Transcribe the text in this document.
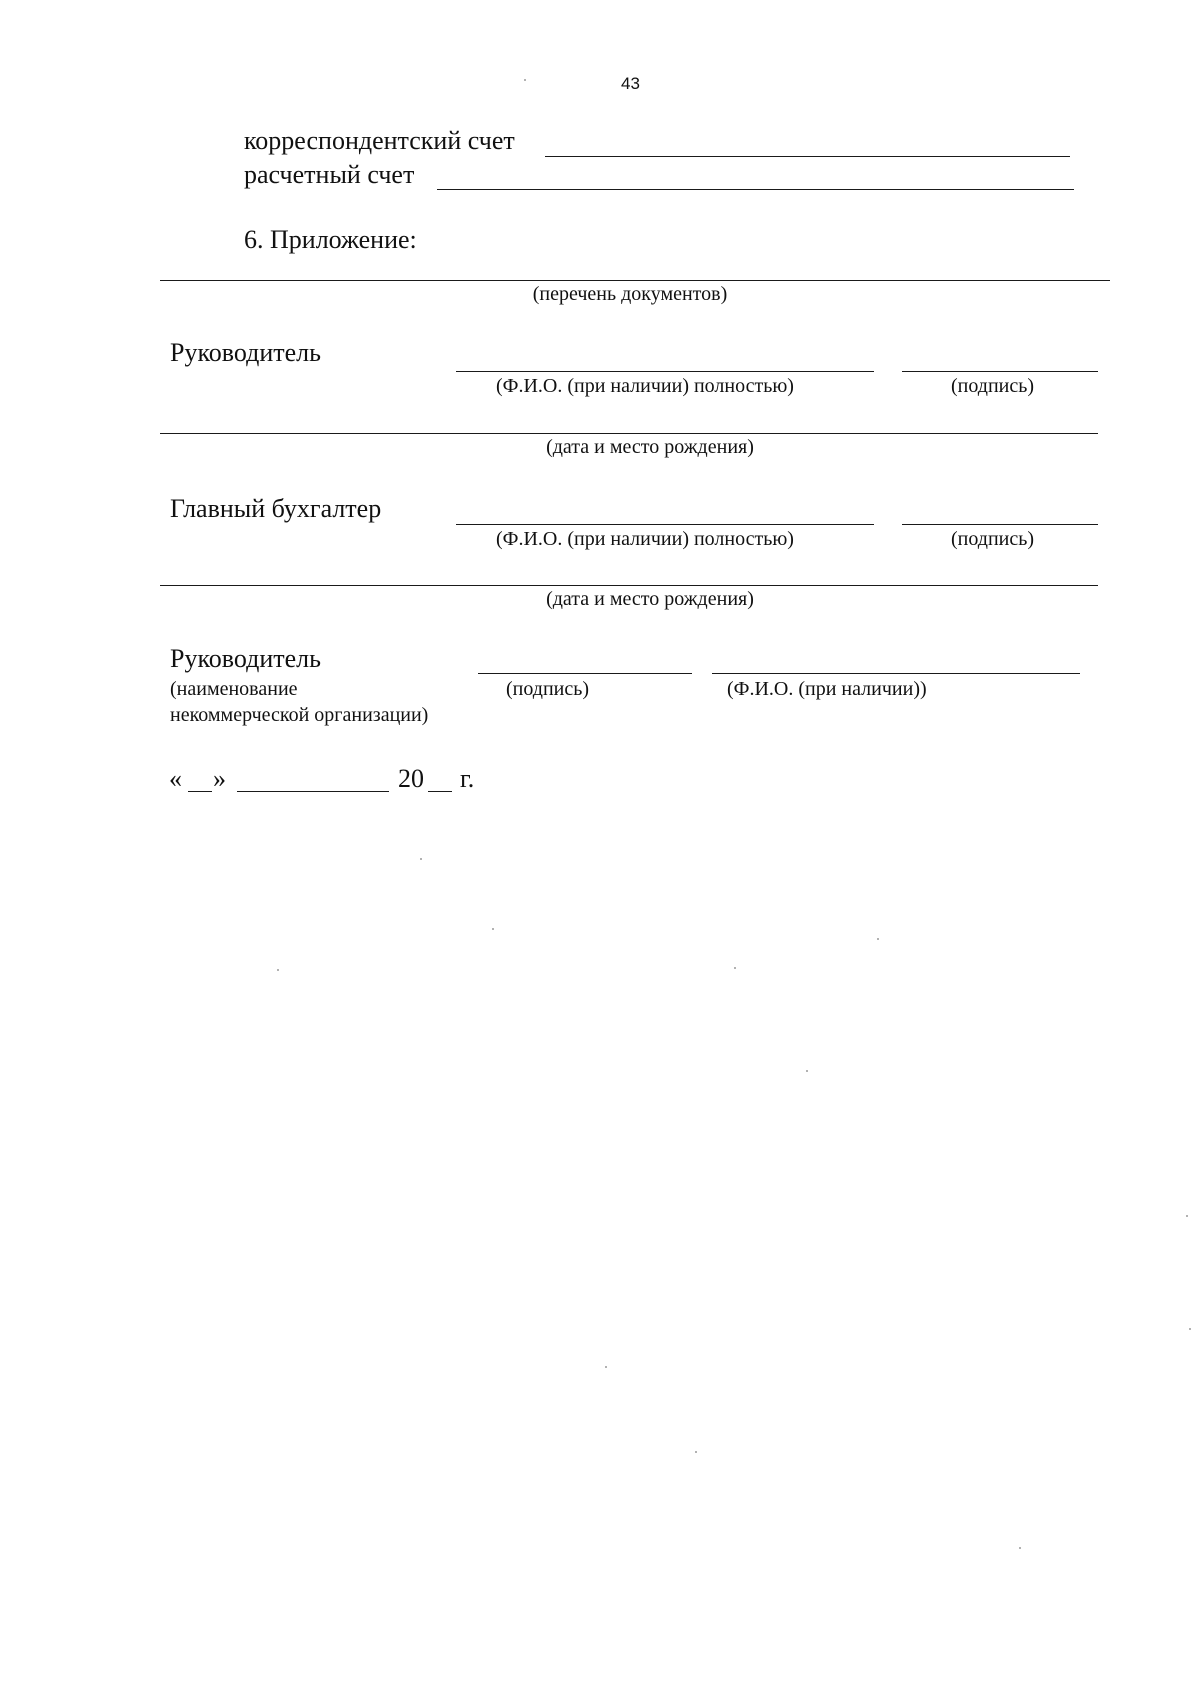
43
корреспондентский счет
расчетный счет
6. Приложение:
(перечень документов)
Руководитель
(Ф.И.О. (при наличии) полностью)	(подпись)
(дата и место рождения)
Главный бухгалтер
(Ф.И.О. (при наличии) полностью)	(подпись)
(дата и место рождения)
Руководитель
(наименование
некоммерческой организации)
(подпись)	(Ф.И.О. (при наличии))
« »	20 г.
